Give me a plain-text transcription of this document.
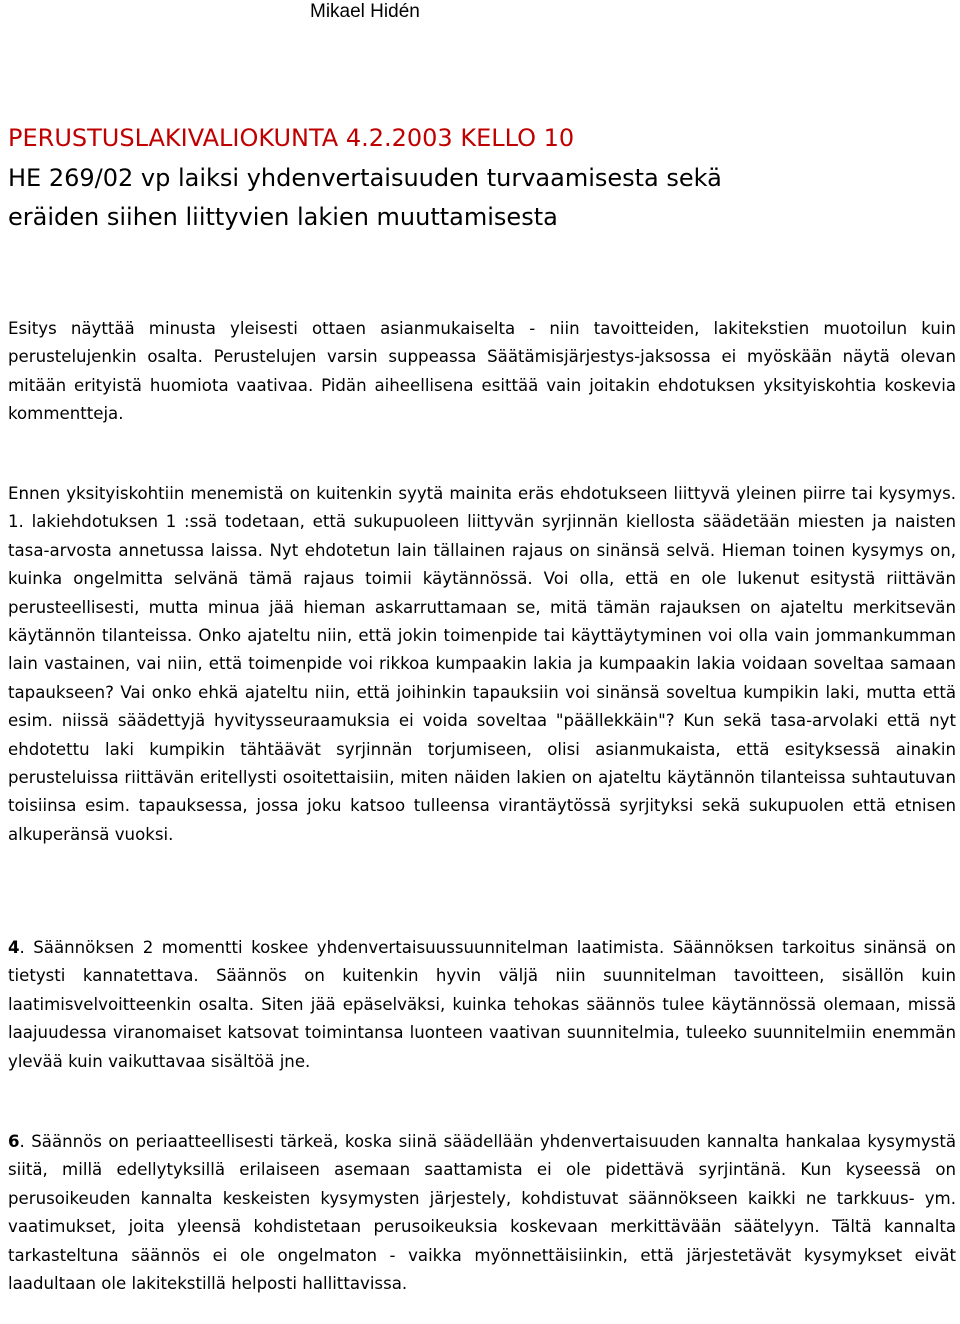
Mikael Hidén

PERUSTUSLAKIVALIOKUNTA 4.2.2003 KELLO 10
HE 269/02 vp laiksi yhdenvertaisuuden turvaamisesta sekä
eräiden siihen liittyvien lakien muuttamisesta

Esitys näyttää minusta yleisesti ottaen asianmukaiselta - niin tavoitteiden, lakitekstien muotoilun kuin perustelujenkin osalta. Perustelujen varsin suppeassa Säätämisjärjestys-jaksossa ei myöskään näytä olevan mitään erityistä huomiota vaativaa. Pidän aiheellisena esittää vain joitakin ehdotuksen yksityiskohtia koskevia kommentteja.

Ennen yksityiskohtiin menemistä on kuitenkin syytä mainita eräs ehdotukseen liittyvä yleinen piirre tai kysymys. 1. lakiehdotuksen 1 :ssä todetaan, että sukupuoleen liittyvän syrjinnän kiellosta säädetään miesten ja naisten tasa-arvosta annetussa laissa. Nyt ehdotetun lain tällainen rajaus on sinänsä selvä. Hieman toinen kysymys on, kuinka ongelmitta selvänä tämä rajaus toimii käytännössä. Voi olla, että en ole lukenut esitystä riittävän perusteellisesti, mutta minua jää hieman askarruttamaan se, mitä tämän rajauksen on ajateltu merkitsevän käytännön tilanteissa. Onko ajateltu niin, että jokin toimenpide tai käyttäytyminen voi olla vain jommankumman lain vastainen, vai niin, että toimenpide voi rikkoa kumpaakin lakia ja kumpaakin lakia voidaan soveltaa samaan tapaukseen? Vai onko ehkä ajateltu niin, että joihinkin tapauksiin voi sinänsä soveltua kumpikin laki, mutta että esim. niissä säädettyjä hyvitysseuraamuksia ei voida soveltaa "päällekkäin"? Kun sekä tasa-arvolaki että nyt ehdotettu laki kumpikin tähtäävät syrjinnän torjumiseen, olisi asianmukaista, että esityksessä ainakin perusteluissa riittävän eritellysti osoitettaisiin, miten näiden lakien on ajateltu käytännön tilanteissa suhtautuvan toisiinsa esim. tapauksessa, jossa joku katsoo tulleensa virantäytössä syrjityksi sekä sukupuolen että etnisen alkuperänsä vuoksi.

4. Säännöksen 2 momentti koskee yhdenvertaisuussuunnitelman laatimista. Säännöksen tarkoitus sinänsä on tietysti kannatettava. Säännös on kuitenkin hyvin väljä niin suunnitelman tavoitteen, sisällön kuin laatimisvelvoitteenkin osalta. Siten jää epäselväksi, kuinka tehokas säännös tulee käytännössä olemaan, missä laajuudessa viranomaiset katsovat toimintansa luonteen vaativan suunnitelmia, tuleeko suunnitelmiin enemmän ylevää kuin vaikuttavaa sisältöä jne.

6. Säännös on periaatteellisesti tärkeä, koska siinä säädellään yhdenvertaisuuden kannalta hankalaa kysymystä siitä, millä edellytyksillä erilaiseen asemaan saattamista ei ole pidettävä syrjintänä. Kun kyseessä on perusoikeuden kannalta keskeisten kysymysten järjestely, kohdistuvat säännökseen kaikki ne tarkkuus- ym. vaatimukset, joita yleensä kohdistetaan perusoikeuksia koskevaan merkittävään säätelyyn. Tältä kannalta tarkasteltuna säännös ei ole ongelmaton - vaikka myönnettäisiinkin, että järjestetävät kysymykset eivät laadultaan ole lakitekstillä helposti hallittavissa.
